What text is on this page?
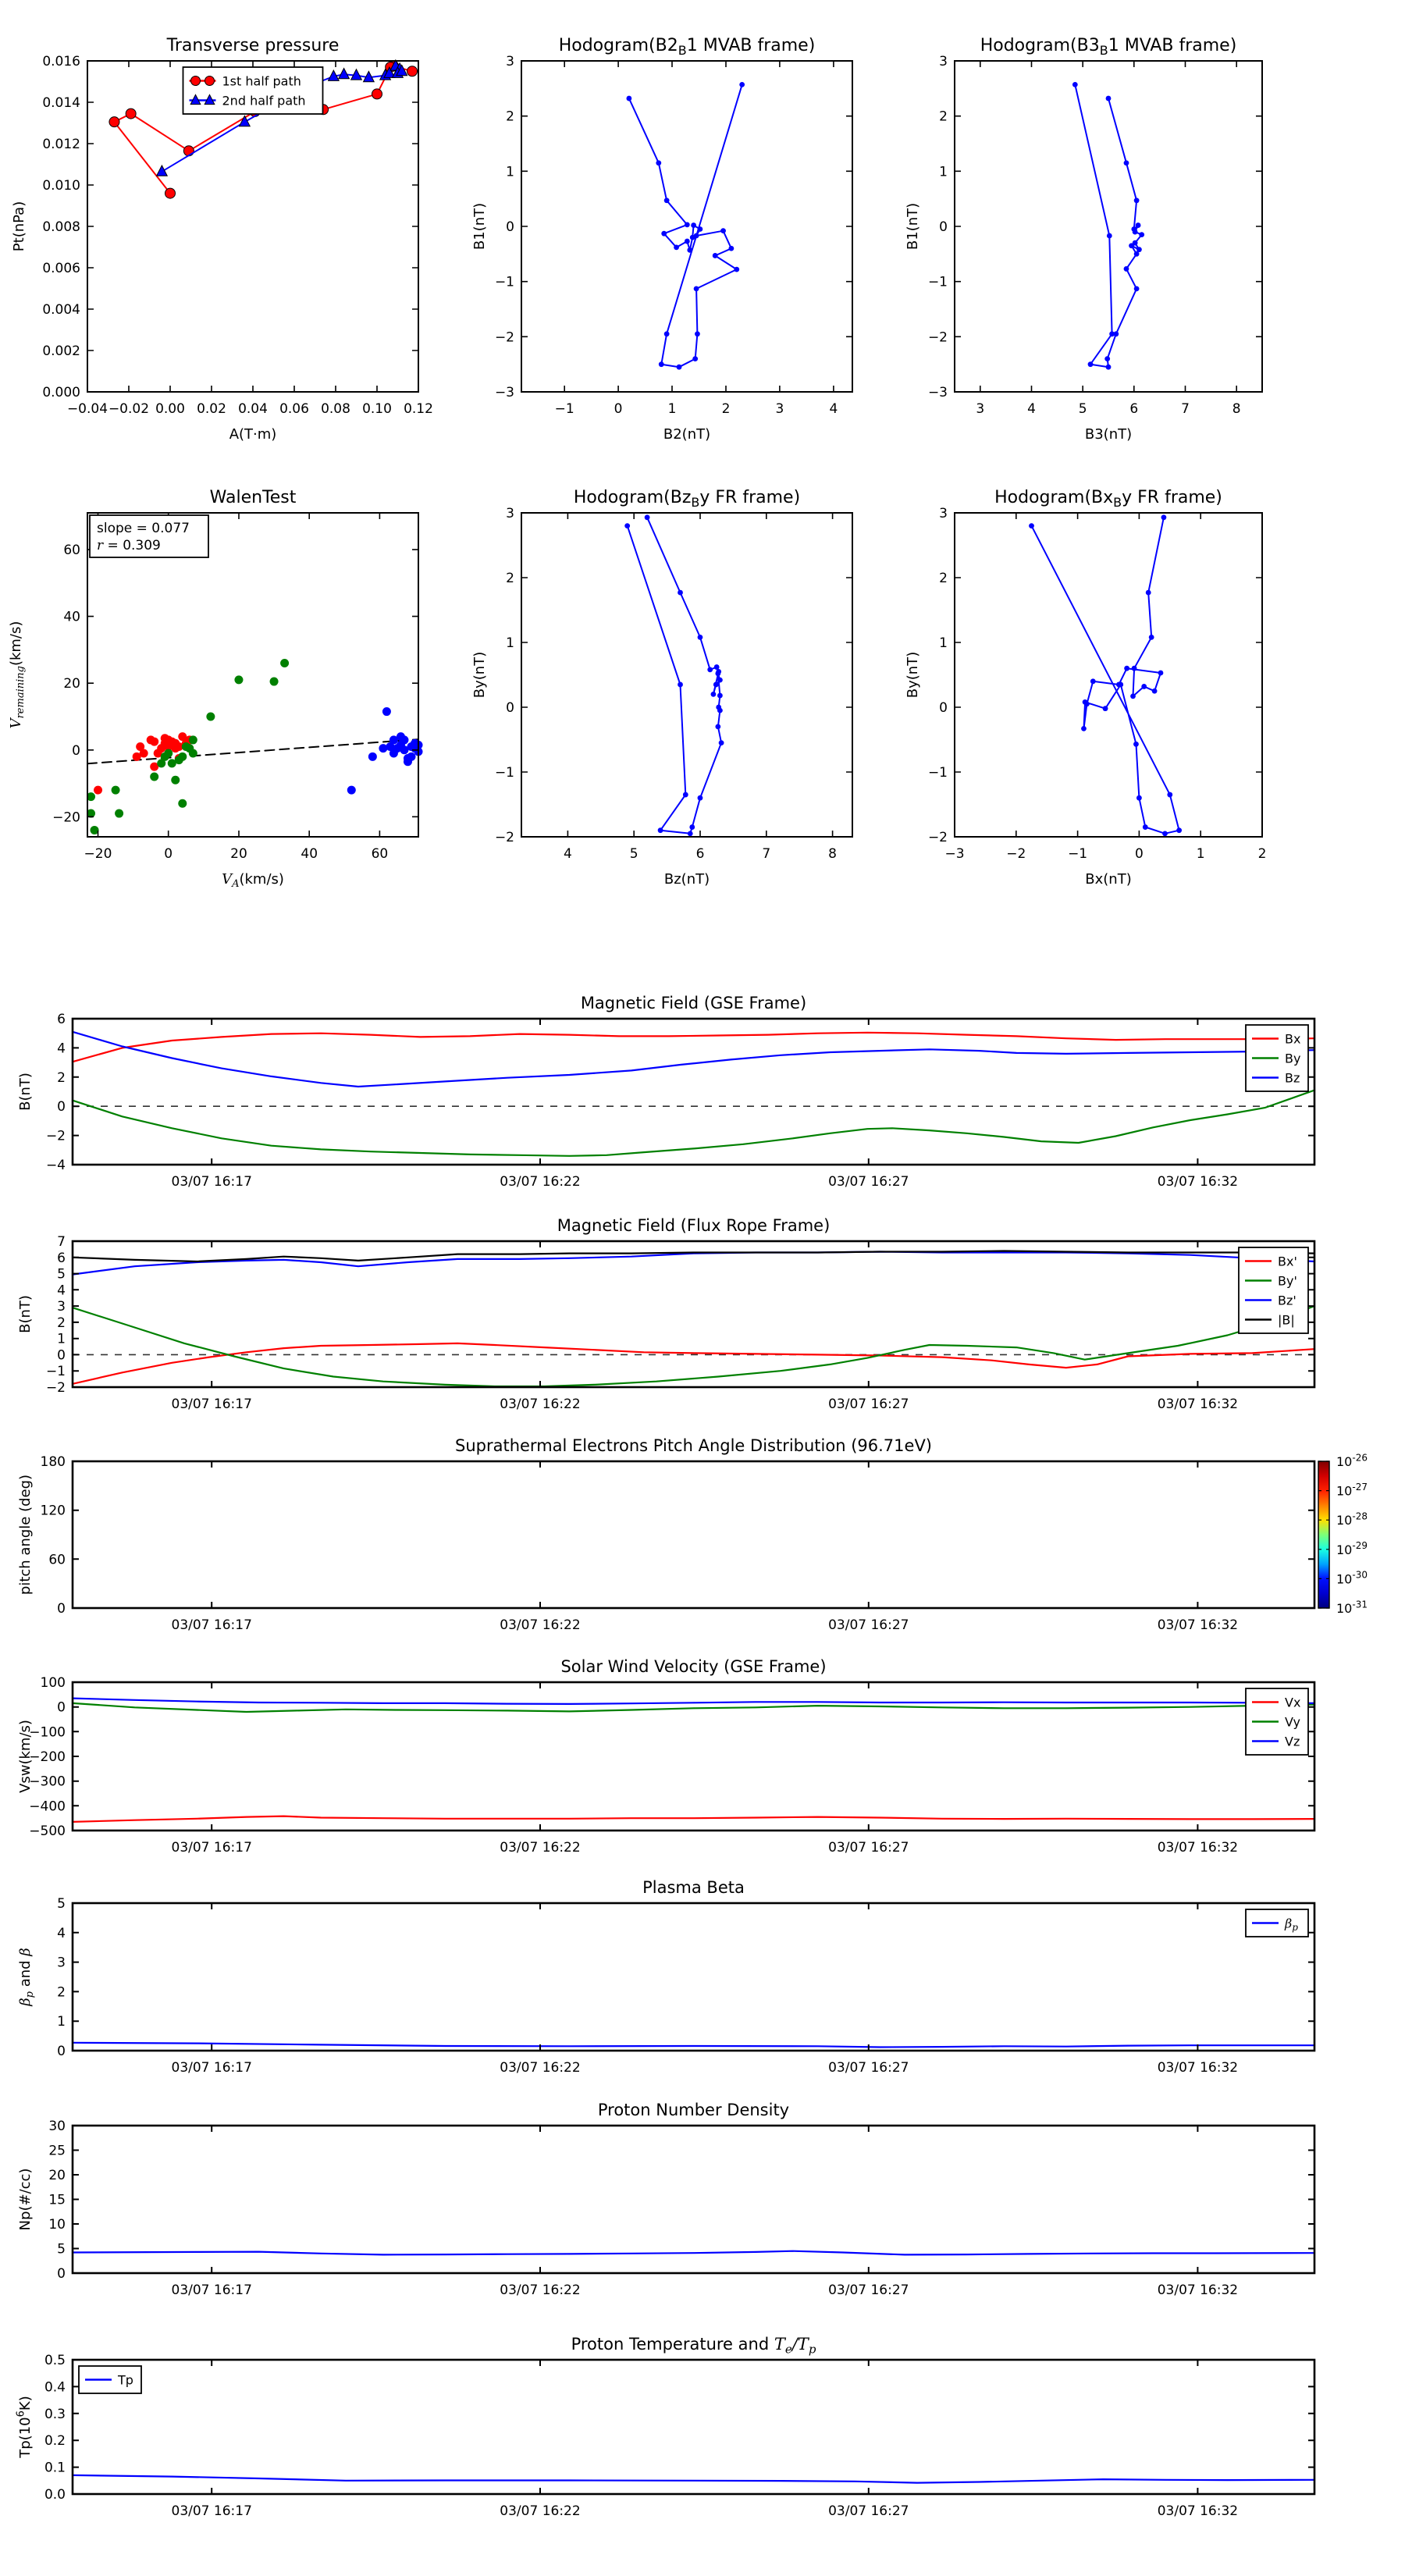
−0.04 −0.02 0.00 0.02 0.04 0.06 0.08 0.10 0.12
0.000
0.002
0.004
0.006
0.008
0.010
0.012
0.014
0.016
Transverse pressure
A(T·m)
Pt(nPa)
1st half path
2nd half path
−1	0	1	2	3	4
−3
−2
−1
0
1
2
3
$Hodogram(B2_B1$ MVAB frame)
B2(nT)
B1(nT)
3	4	5	6	7	8
−3
−2
−1
0
1
2
3
$Hodogram(B3_B1$ MVAB frame)
B3(nT)
B1(nT)
−20	0	20	40	60
−20
0
20
40
60
WalenTest
$V_A(km/s)$
$V_{remaining}(km/s)$
slope = 0.077
r = 0.309
4	5	6	7	8
−2
−1
0
1
2
3
$Hodogram(Bz_By$ FR frame)
Bz(nT)
By(nT)
−3	−2	−1	0	1	2
−2
−1
0
1
2
3
$Hodogram(Bx_By$ FR frame)
Bx(nT)
By(nT)
03/07 16:17	03/07 16:22	03/07 16:27	03/07 16:32
−4
−2
0
2
4
6
Magnetic Field (GSE Frame)
B(nT)
Bx
By
Bz
03/07 16:17	03/07 16:22	03/07 16:27	03/07 16:32
−2
−1
0
1
2
3
4
5
6
7
Magnetic Field (Flux Rope Frame)
B(nT)
Bx'
By'
Bz'
|B|
03/07 16:17	03/07 16:22	03/07 16:27	03/07 16:32
0
60
120
180
Suprathermal Electrons Pitch Angle Distribution (96.71eV)
pitch angle (deg)
$10^{-26}$
$10^{-27}$
$10^{-28}$
$10^{-29}$
$10^{-30}$
$10^{-31}$
03/07 16:17	03/07 16:22	03/07 16:27	03/07 16:32
−500
−400
−300
−200
−100
0
100
Solar Wind Velocity (GSE Frame)
Vsw(km/s)
Vx
Vy
Vz
03/07 16:17	03/07 16:22	03/07 16:27	03/07 16:32
0
1
2
3
4
5
Plasma Beta
$\beta_p$ and β
$\beta_p$
03/07 16:17	03/07 16:22	03/07 16:27	03/07 16:32
0
5
10
15
20
25
30
Proton Number Density
Np(#/cc)
03/07 16:17	03/07 16:22	03/07 16:27	03/07 16:32
0.0
0.1
0.2
0.3
0.4
0.5
Proton Temperature and $T_e/T_p$
$Tp(10^6K)$
Tp
